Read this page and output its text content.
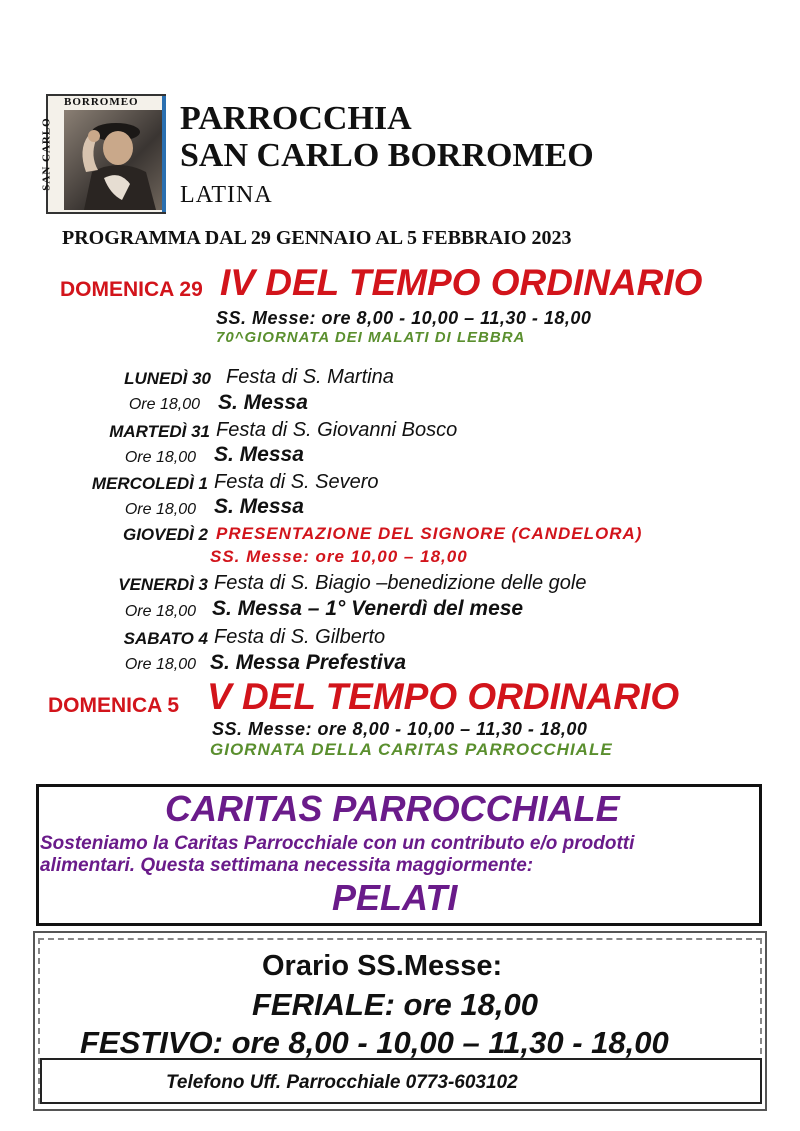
SAN CARLO
BORROMEO PARROCCHIA
SAN CARLO BORROMEO
LATINA
PROGRAMMA DAL 29 GENNAIO AL 5 FEBBRAIO 2023
DOMENICA 29 IV DEL TEMPO ORDINARIO
SS. Messe: ore 8,00 - 10,00 – 11,30 - 18,00
70^GIORNATA DEI MALATI DI LEBBRA
LUNEDÌ 30 Festa di S. Martina
Ore 18,00 S. Messa
MARTEDÌ 31 Festa di S. Giovanni Bosco
Ore 18,00 S. Messa
MERCOLEDÌ 1 Festa di S. Severo
Ore 18,00 S. Messa
GIOVEDÌ 2 PRESENTAZIONE DEL SIGNORE (CANDELORA)
SS. Messe: ore 10,00 – 18,00
VENERDÌ 3 Festa di S. Biagio –benedizione delle gole
Ore 18,00 S. Messa – 1° Venerdì del mese
SABATO 4 Festa di S. Gilberto
Ore 18,00 S. Messa Prefestiva
DOMENICA 5 V DEL TEMPO ORDINARIO
SS. Messe: ore 8,00 - 10,00 – 11,30 - 18,00
GIORNATA DELLA CARITAS PARROCCHIALE
CARITAS PARROCCHIALE
Sosteniamo la Caritas Parrocchiale con un contributo e/o prodotti
alimentari. Questa settimana necessita maggiormente:
PELATI
Orario SS.Messe:
FERIALE: ore 18,00
FESTIVO: ore 8,00 - 10,00 – 11,30 - 18,00
Telefono Uff. Parrocchiale 0773-603102
